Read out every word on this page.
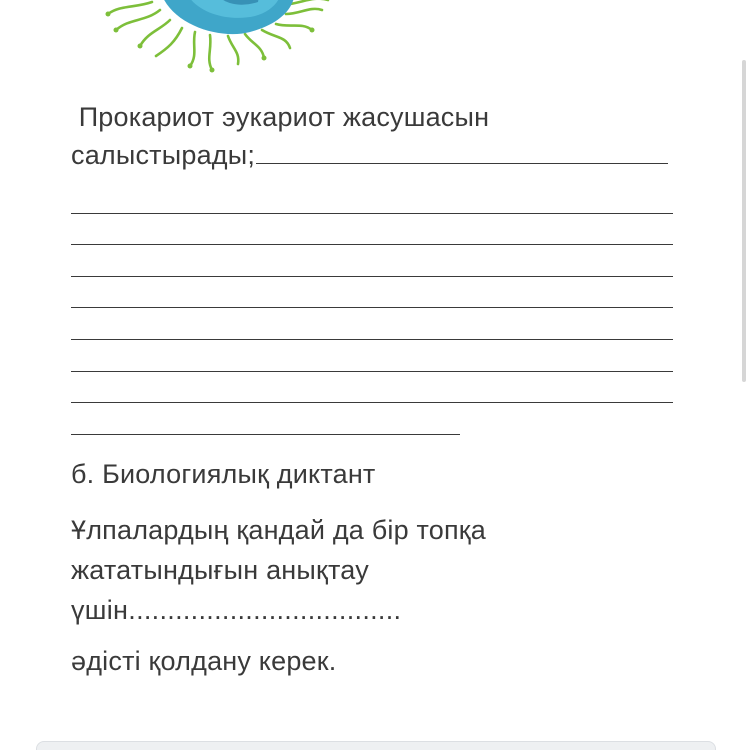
Прокариот эукариот жасушасын
салыстырады;
б. Биологиялық диктант
Ұлпалардың қандай да бір топқа
жататындығын анықтау
үшін...................................
әдісті қолдану керек.
